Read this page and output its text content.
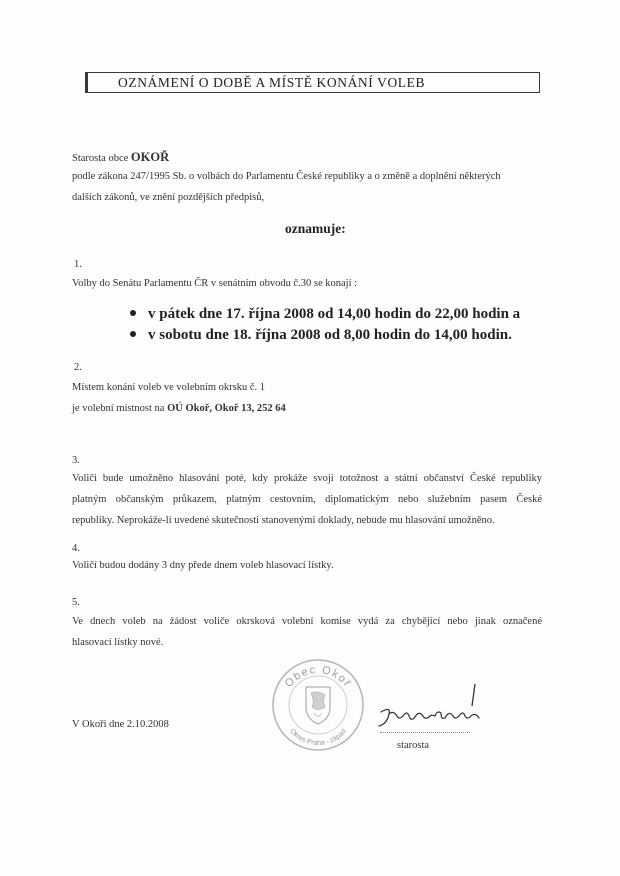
OZNÁMENÍ O DOBĚ A MÍSTĚ KONÁNÍ VOLEB
Starosta obce OKOŘ
podle zákona 247/1995 Sb. o volbách do Parlamentu České republiky a o změně a doplnění některých
dalších zákonů, ve znění pozdějších předpisů,
oznamuje:
1.
Volby do Senátu Parlamentu ČR v senátním obvodu č.30 se konají :
v pátek dne 17. října 2008 od 14,00 hodin do 22,00 hodin a
v sobotu dne 18. října 2008 od 8,00 hodin do 14,00 hodin.
2.
Místem konání voleb ve volebním okrsku č. 1
je volební místnost na OÚ Okoř, Okoř 13, 252 64
3.
Voliči bude umožněno hlasování poté, kdy prokáže svoji totožnost a státní občanství České republiky
platným občanským průkazem, platným cestovním, diplomatickým nebo služebním pasem České
republiky. Neprokáže-li uvedené skutečnosti stanovenými doklady, nebude mu hlasování umožněno.
4.
Voličí budou dodány 3 dny přede dnem voleb hlasovací lístky.
5.
Ve dnech voleb na žádost voliče okrsková volební komise vydá za chybějící nebo jinak označené
hlasovací lístky nové.
Obec Okoř
Okres Praha - západ
V Okoři dne 2.10.2008
starosta
